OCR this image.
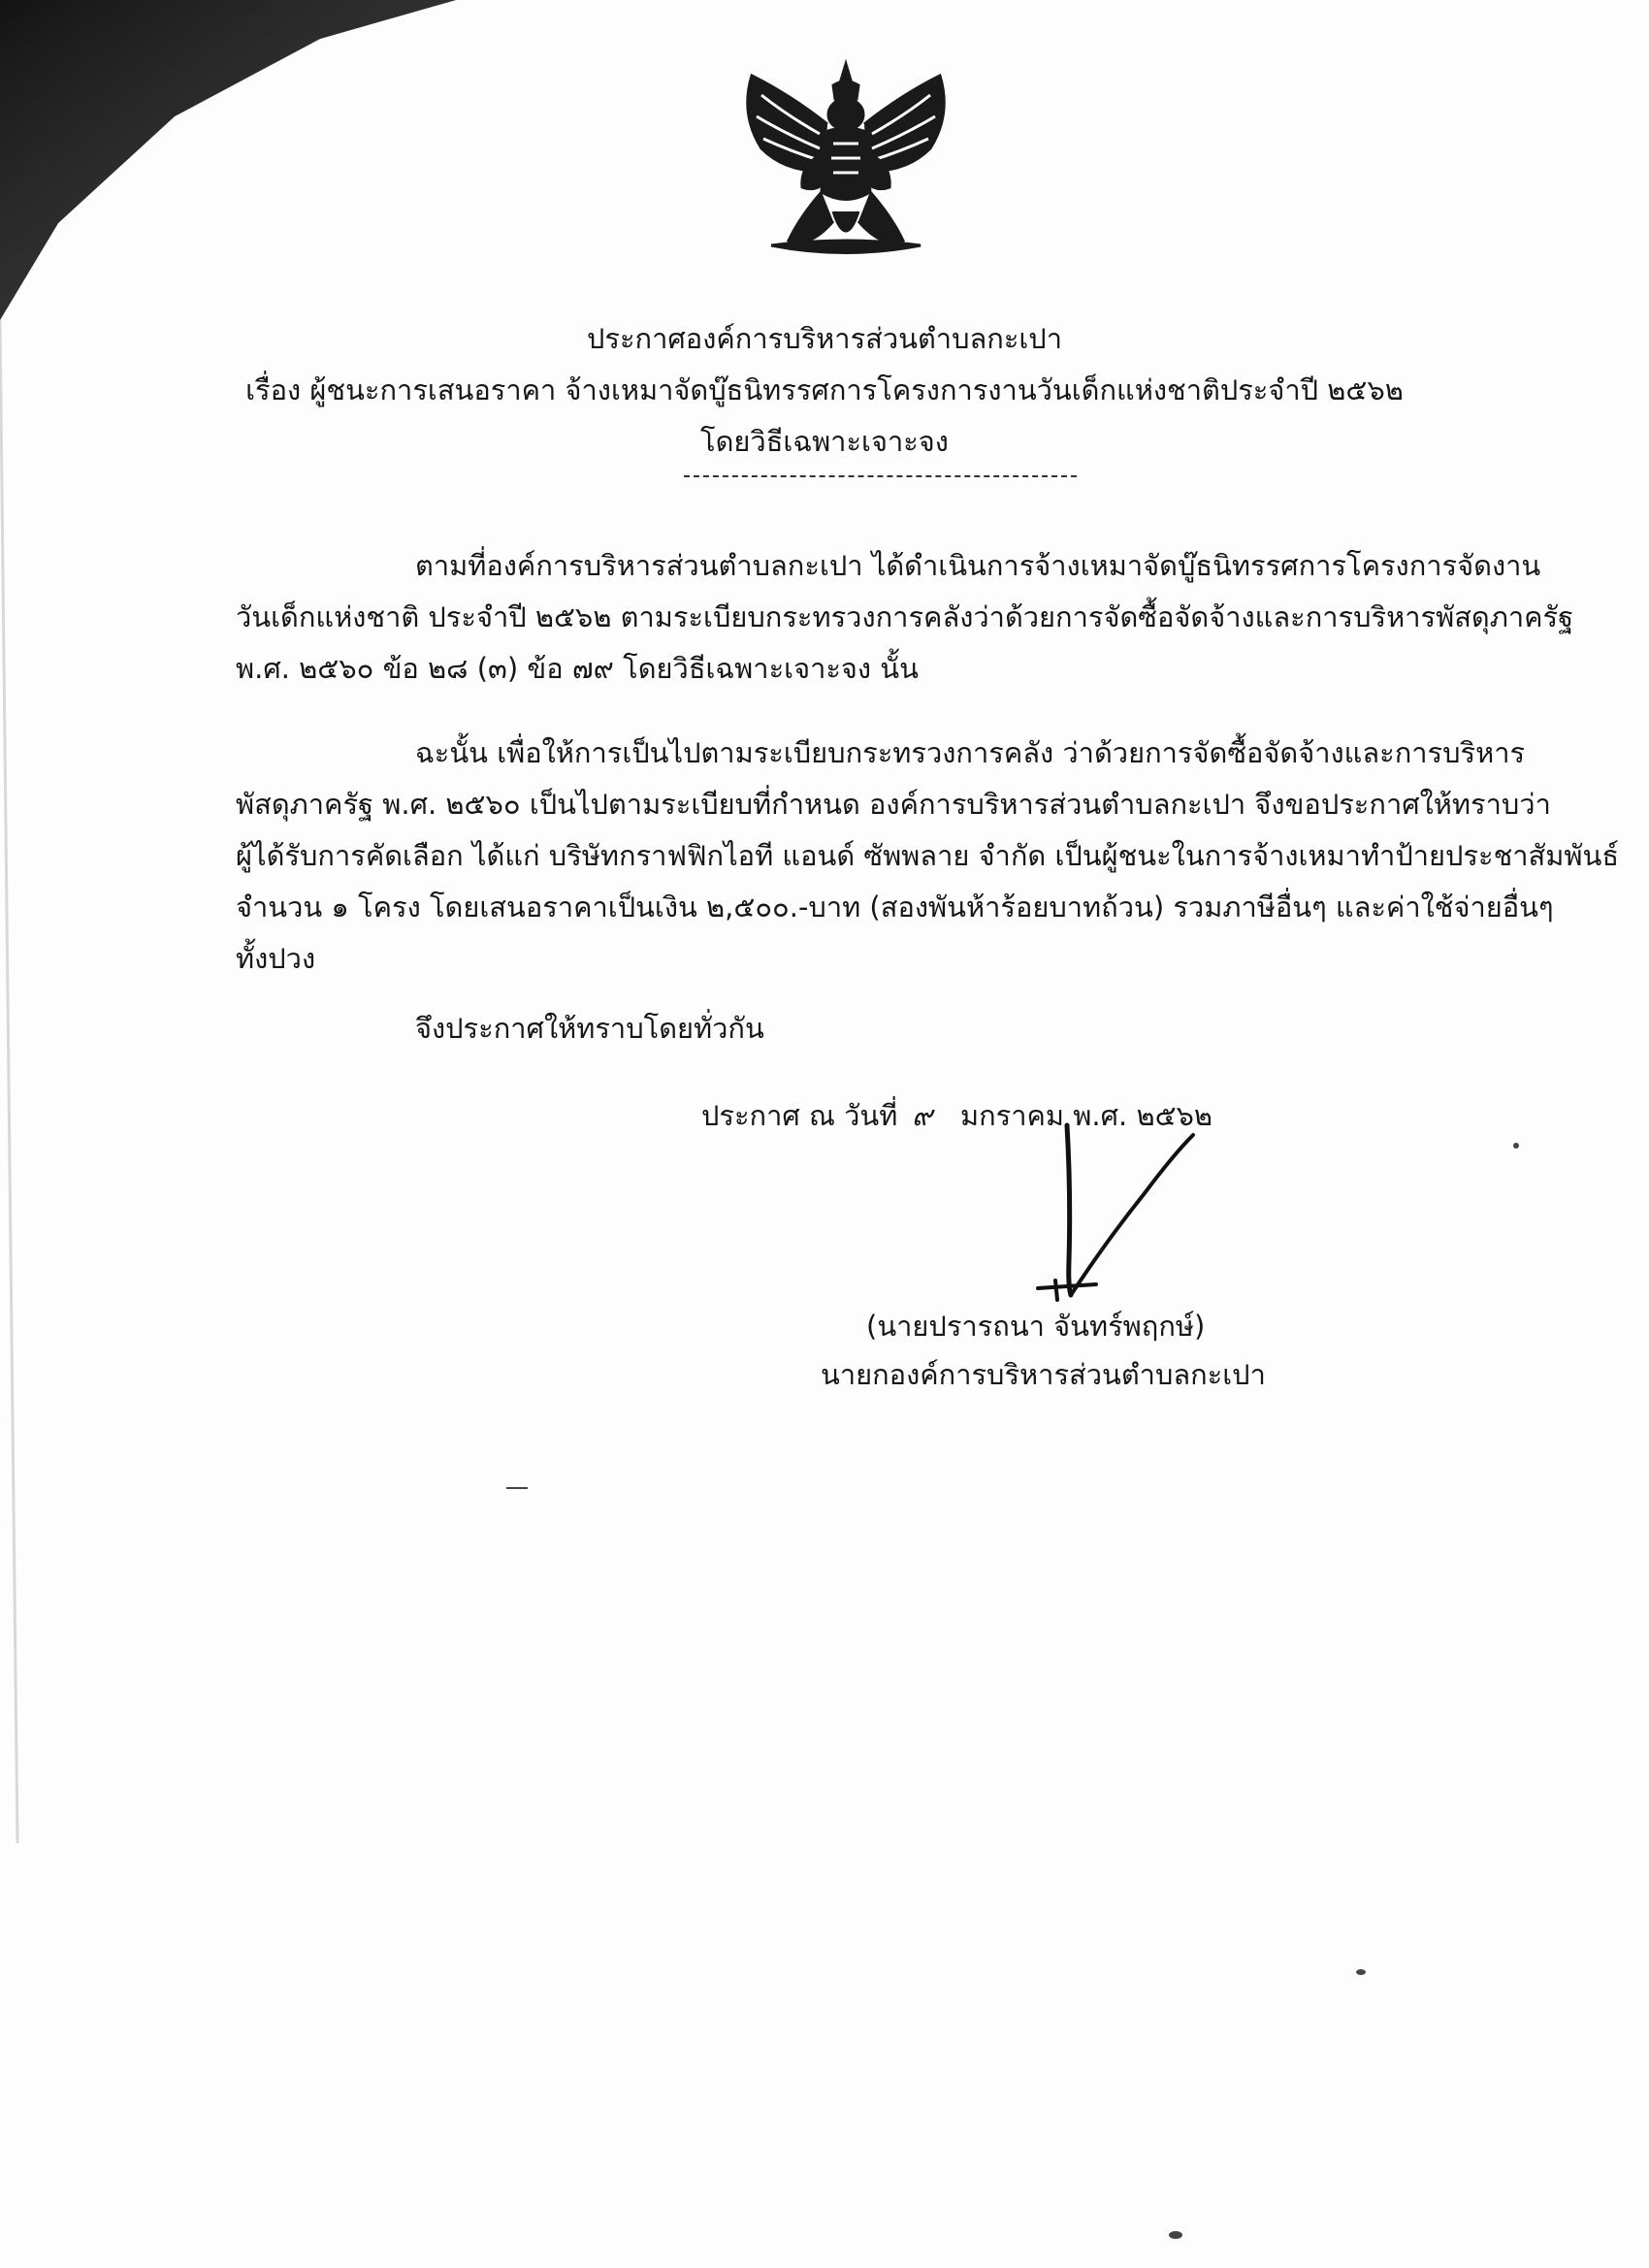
ประกาศองค์การบริหารส่วนตำบลกะเปา
เรื่อง ผู้ชนะการเสนอราคา จ้างเหมาจัดบู๊ธนิทรรศการโครงการงานวันเด็กแห่งชาติประจำปี ๒๕๖๒
โดยวิธีเฉพาะเจาะจง
ตามที่องค์การบริหารส่วนตำบลกะเปา ได้ดำเนินการจ้างเหมาจัดบู๊ธนิทรรศการโครงการจัดงาน
วันเด็กแห่งชาติ ประจำปี ๒๕๖๒ ตามระเบียบกระทรวงการคลังว่าด้วยการจัดซื้อจัดจ้างและการบริหารพัสดุภาครัฐ
พ.ศ. ๒๕๖๐ ข้อ ๒๘ (๓) ข้อ ๗๙ โดยวิธีเฉพาะเจาะจง นั้น
ฉะนั้น เพื่อให้การเป็นไปตามระเบียบกระทรวงการคลัง ว่าด้วยการจัดซื้อจัดจ้างและการบริหาร
พัสดุภาครัฐ พ.ศ. ๒๕๖๐ เป็นไปตามระเบียบที่กำหนด องค์การบริหารส่วนตำบลกะเปา จึงขอประกาศให้ทราบว่า
ผู้ได้รับการคัดเลือก ได้แก่ บริษัทกราฟฟิกไอที แอนด์ ซัพพลาย จำกัด เป็นผู้ชนะในการจ้างเหมาทำป้ายประชาสัมพันธ์
จำนวน ๑ โครง โดยเสนอราคาเป็นเงิน ๒,๕๐๐.-บาท (สองพันห้าร้อยบาทถ้วน) รวมภาษีอื่นๆ และค่าใช้จ่ายอื่นๆ
ทั้งปวง
จึงประกาศให้ทราบโดยทั่วกัน
ประกาศ ณ วันที่ ๙ มกราคม พ.ศ. ๒๕๖๒
(นายปรารถนา จันทร์พฤกษ์)
นายกองค์การบริหารส่วนตำบลกะเปา
